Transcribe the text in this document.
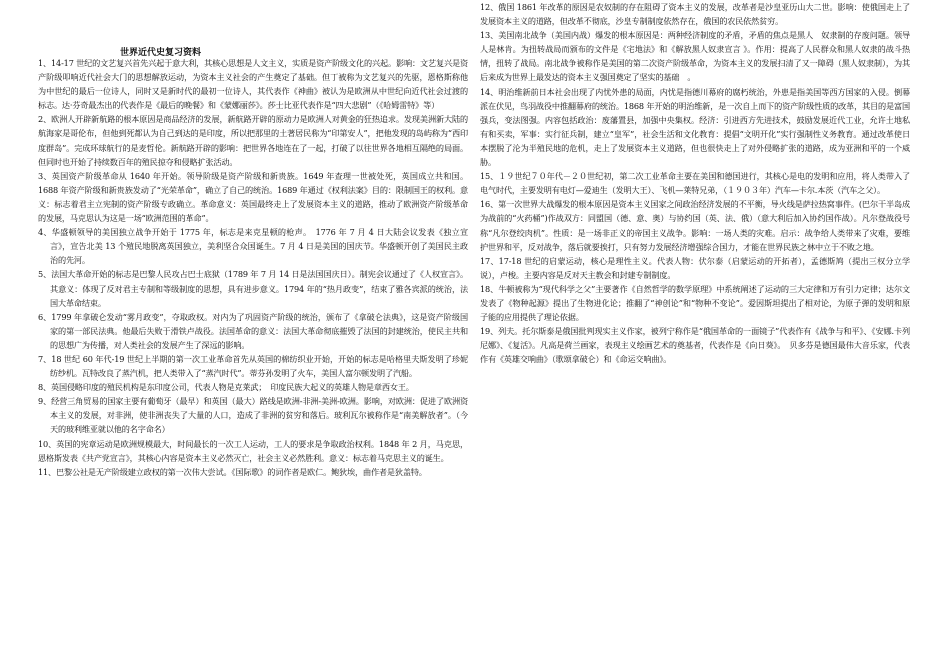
世界近代史复习资料

1、14-17 世纪的文艺复兴首先兴起于意大利，其核心思想是人文主义，实质是资产阶级文化的兴起。影响：文艺复兴是资产阶级叩响近代社会大门的思想解放运动，为资本主义社会的产生奠定了基础。但丁被称为文艺复兴的先驱，恩格斯称他为中世纪的最后一位诗人，同时又是新时代的最初一位诗人，其代表作《神曲》被认为是欧洲从中世纪向近代社会过渡的标志。达·芬奇最杰出的代表作是《最后的晚餐》和《蒙娜丽莎》。莎士比亚代表作是“四大悲剧”（《哈姆雷特》等）

2、欧洲人开辟新航路的根本原因是商品经济的发展，新航路开辟的原动力是欧洲人对黄金的狂热追求。发现美洲新大陆的航海家是哥伦布，但他到死都认为自己到达的是印度，所以把那里的土著居民称为“印第安人”，把他发现的岛屿称为“西印度群岛”。完成环球航行的是麦哲伦。新航路开辟的影响：把世界各地连在了一起，打破了以往世界各地相互隔绝的局面。但同时也开始了持续数百年的殖民掠夺和侵略扩张活动。

3、英国资产阶级革命从 1640 年开始。领导阶级是资产阶级和新贵族。1649 年查理一世被处死，英国成立共和国。1688 年资产阶级和新贵族发动了“光荣革命”，确立了自己的统治。1689 年通过《权利法案》目的：限制国王的权利。意义：标志着君主立宪制的资产阶级专政确立。革命意义：英国最终走上了发展资本主义的道路，推动了欧洲资产阶级革命的发展，马克思认为这是一场“欧洲范围的革命”。

4、华盛顿领导的美国独立战争开始于 1775 年，标志是来克星顿的枪声。　1776 年 7 月 4 日大陆会议发表《独立宣言》，宣告北美 13 个殖民地脱离英国独立，美利坚合众国诞生。7 月 4 日是美国的国庆节。华盛顿开创了美国民主政治的先河。

5、法国大革命开始的标志是巴黎人民攻占巴士底狱（1789 年 7 月 14 日是法国国庆日）。制宪会议通过了《人权宣言》。其意义：体现了反对君主专制和等级制度的思想，具有进步意义。1794 年的“热月政变”，结束了雅各宾派的统治，法国大革命结束。

6、1799 年拿破仑发动“雾月政变”，夺取政权。对内为了巩固资产阶级的统治，颁布了《拿破仑法典》，这是资产阶级国家的第一部民法典。他最后失败于滑铁卢战役。法国革命的意义：法国大革命彻底摧毁了法国的封建统治，使民主共和的思想广为传播，对人类社会的发展产生了深远的影响。

7、18 世纪 60 年代-19 世纪上半期的第一次工业革命首先从英国的棉纺织业开始，开始的标志是哈格里夫斯发明了珍妮纺纱机。瓦特改良了蒸汽机，把人类带入了“蒸汽时代”。蒂芬孙发明了火车，美国人富尔顿发明了汽船。

8、英国侵略印度的殖民机构是东印度公司，代表人物是克莱武；　印度民族大起义的英雄人物是章西女王。

9、经营三角贸易的国家主要有葡萄牙（最早）和英国（最大）路线是欧洲-非洲-美洲-欧洲。影响，对欧洲：促进了欧洲资本主义的发展，对非洲，使非洲丧失了大量的人口，造成了非洲的贫穷和落后。玻利瓦尔被称作是“南美解放者”。（今天的玻利维亚就以他的名字命名）

10、英国的宪章运动是欧洲规模最大，时间最长的一次工人运动，工人的要求是争取政治权利。1848 年 2 月，马克思，恩格斯发表《共产党宣言》，其核心内容是资本主义必然灭亡，社会主义必然胜利。意义：标志着马克思主义的诞生。

11、巴黎公社是无产阶级建立政权的第一次伟大尝试。《国际歌》的词作者是欧仁。鲍狄埃，曲作者是狄盖特。

12、俄国 1861 年改革的原因是农奴制的存在阻碍了资本主义的发展，改革者是沙皇亚历山大二世。影响：使俄国走上了发展资本主义的道路，但改革不彻底，沙皇专制制度依然存在，俄国的农民依然贫穷。

13、美国南北战争（美国内战）爆发的根本原因是：两种经济制度的矛盾，矛盾的焦点是黑人　奴隶制的存废问题。领导人是林肯。为扭转战局而颁布的文件是《宅地法》和《解放黑人奴隶宣言 》。作用：提高了人民群众和黑人奴隶的战斗热情，扭转了战局。南北战争被称作是美国的第二次资产阶级革命，为资本主义的发展扫清了又一障碍（黑人奴隶制），为其后来成为世界上最发达的资本主义强国奠定了坚实的基础　。

14、明治维新前日本社会出现了内忧外患的局面，内忧是指德川幕府的腐朽统治，外患是指美国等西方国家的入侵。倒幕派在伏见，鸟羽战役中推翻幕府的统治。1868 年开始的明治维新，是一次自上而下的资产阶级性质的改革，其目的是富国强兵，变法图强。内容包括政治：废藩置县，加强中央集权。经济：引进西方先进技术，鼓励发展近代工业，允许土地私有和买卖，军事：实行征兵制，建立“皇军”，社会生活和文化教育：提倡“文明开化”实行强制性义务教育。通过改革使日本摆脱了沦为半殖民地的危机，走上了发展资本主义道路，但也很快走上了对外侵略扩张的道路，成为亚洲和平的一个威胁。

15、１９世纪７０年代－２０世纪初，第二次工业革命主要在美国和德国进行，其核心是电的发明和应用，将人类带入了电气时代，主要发明有电灯—爱迪生（发明大王）、飞机—莱特兄弟，（１９０３年）汽车—卡尔.本茨（汽车之父）。

16、第一次世界大战爆发的根本原因是资本主义国家之间政治经济发展的不平衡，导火线是萨拉热窝事件。(巴尔干半岛成为战前的“火药桶”)作战双方：同盟国（德、意、奥）与协约国（英、法、俄）（意大利后加入协约国作战）。凡尔登战役号称“凡尔登绞肉机”。性质：是一场非正义的帝国主义战争。影响：一场人类的灾难。启示：战争给人类带来了灾难，要维护世界和平，反对战争，落后就要挨打，只有努力发展经济增强综合国力，才能在世界民族之林中立于不败之地。

17、17-18 世纪的启蒙运动，核心是理性主义。代表人物：伏尔泰（启蒙运动的开拓者），孟德斯鸠（提出三权分立学说），卢梭。主要内容是反对天主教会和封建专制制度。

18、牛顿被称为“现代科学之父”主要著作《自然哲学的数学原理》中系统阐述了运动的三大定律和万有引力定律；达尔文发表了《物种起源》提出了生物进化论；推翻了“神创论”和“物种不变论”。爱因斯坦提出了相对论，为原子弹的发明和原子能的应用提供了理论依据。

19、列夫。托尔斯泰是俄国批判现实主义作家，被列宁称作是“俄国革命的一面镜子”代表作有《战争与和平》、《安娜.卡列尼娜》、《复活》。凡高是荷兰画家，表现主义绘画艺术的奠基者，代表作是《向日葵》。　贝多芬是德国最伟大音乐家，代表作有《英雄交响曲》（歌颂拿破仑）和《命运交响曲》。
